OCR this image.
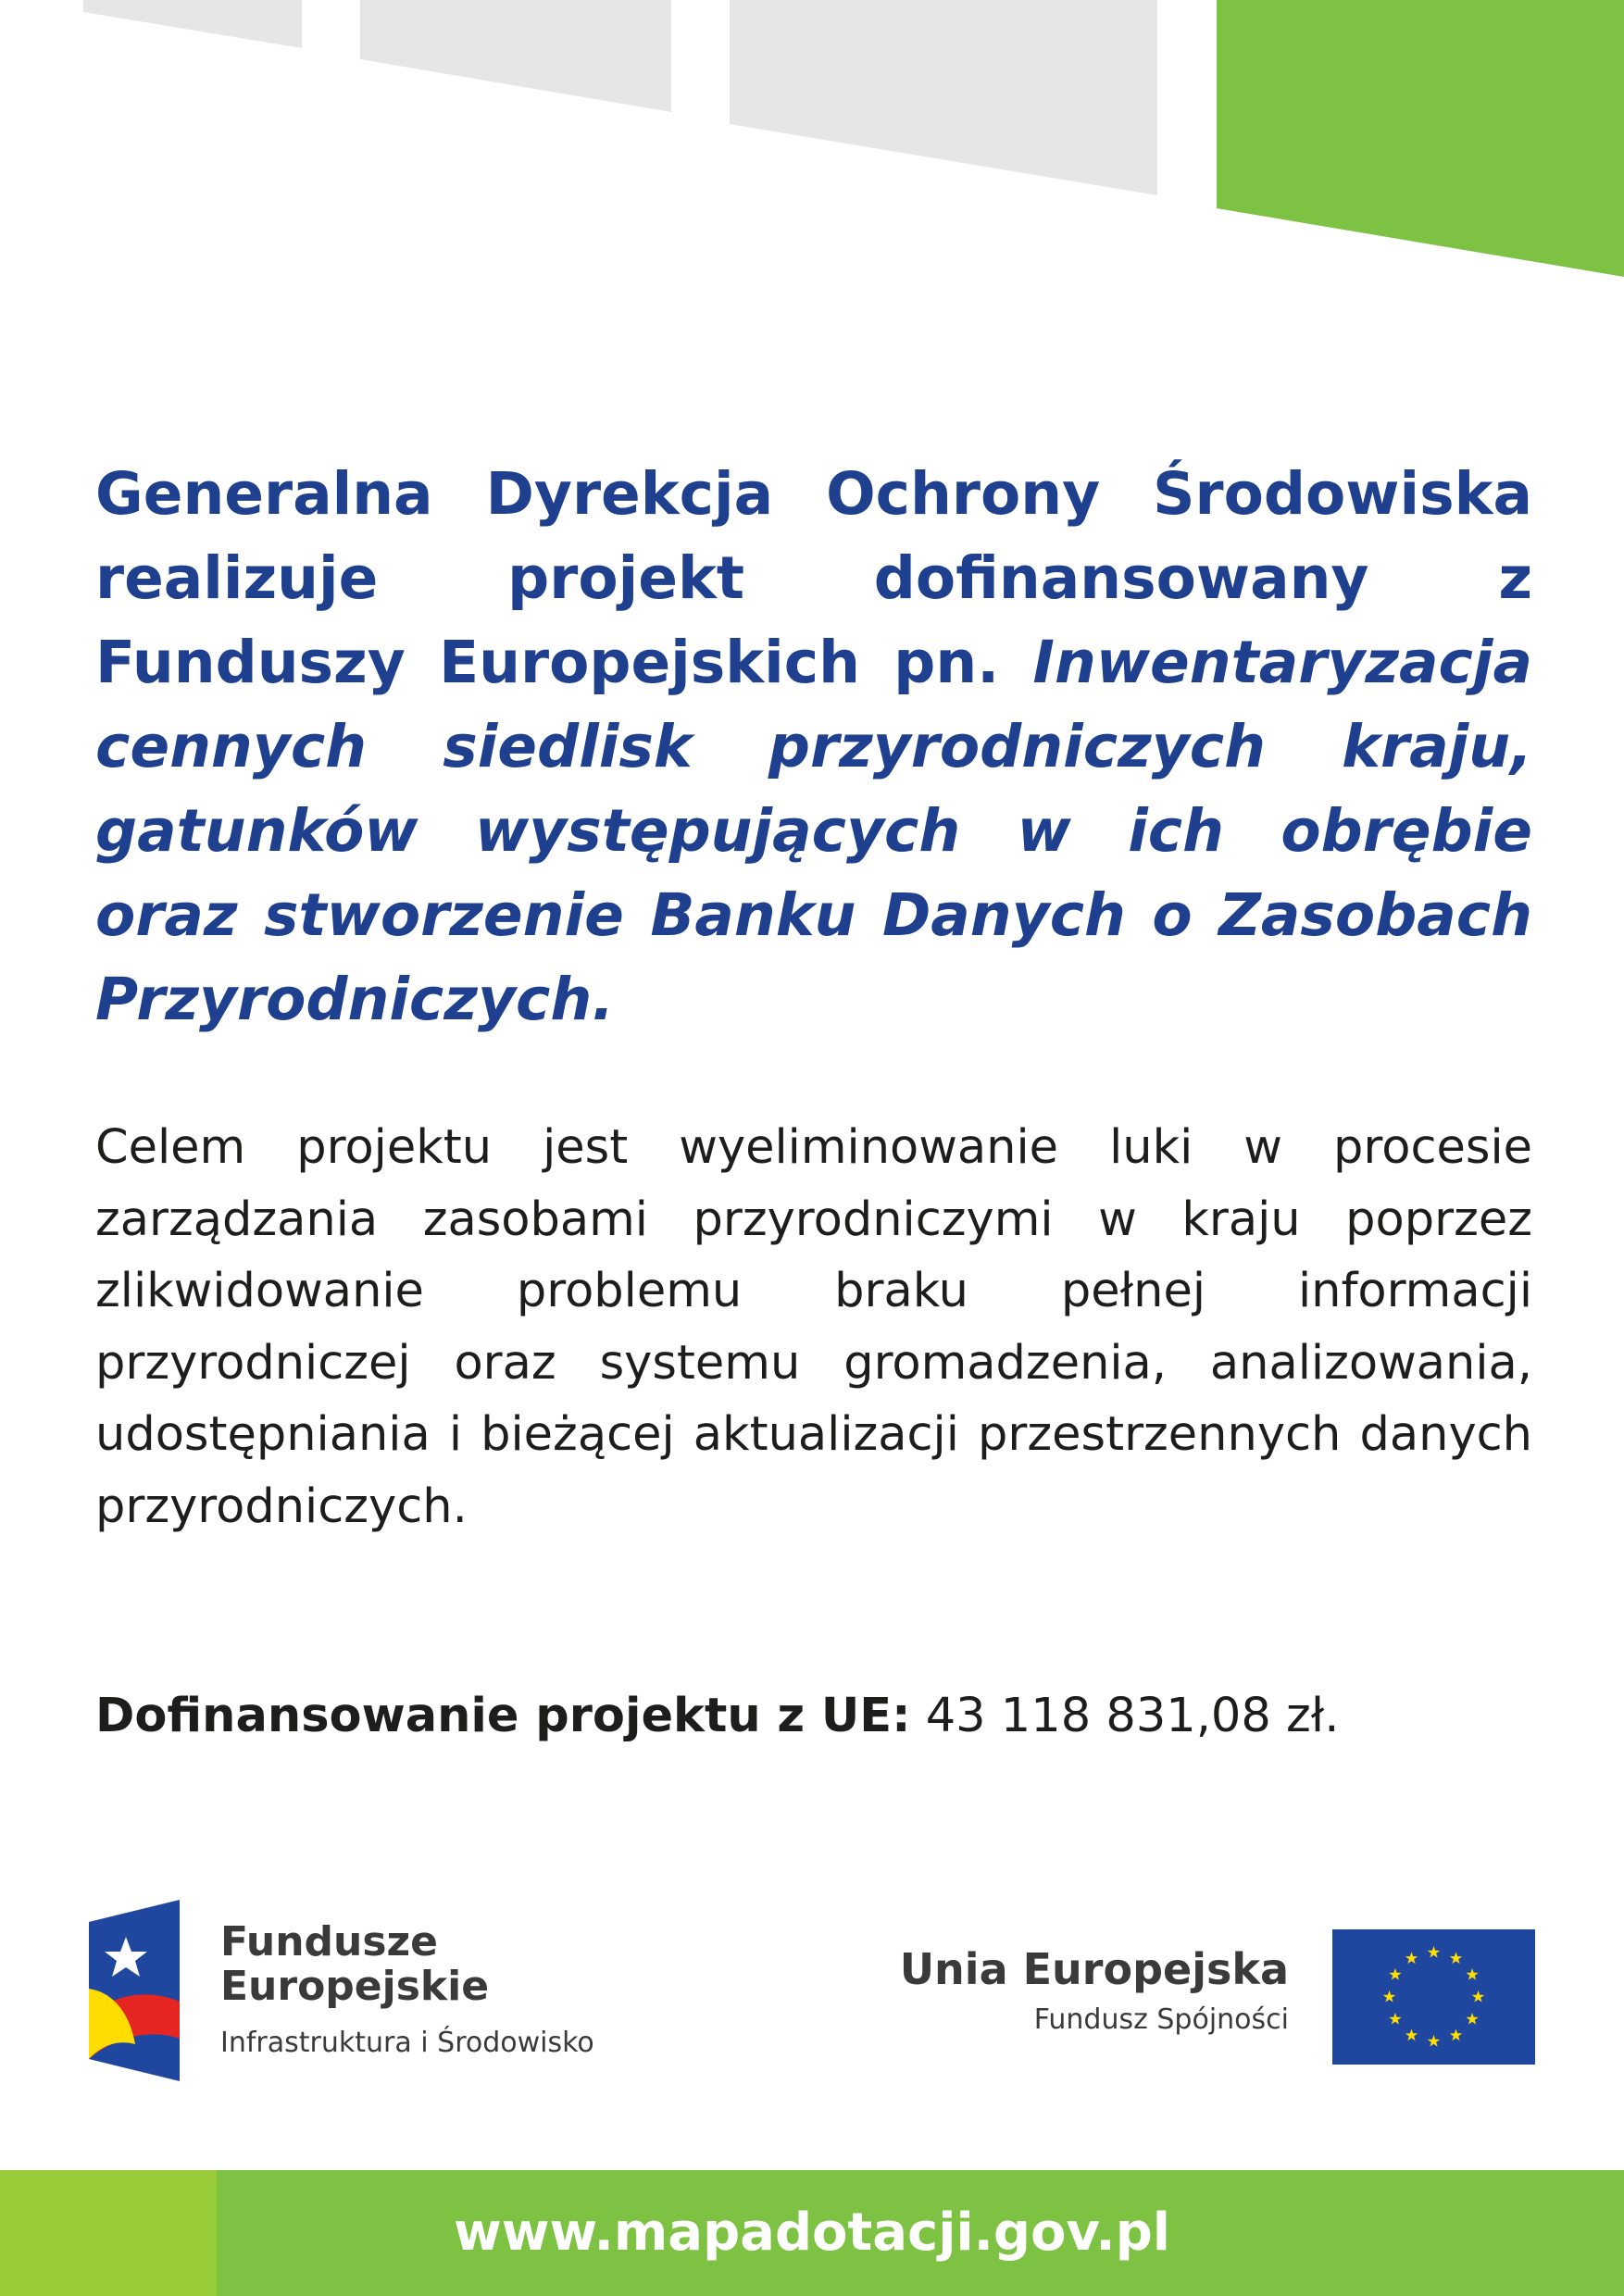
Generalna Dyrekcja Ochrony Środowiska realizuje projekt dofinansowany z Funduszy Europejskich pn. Inwentaryzacja cennych siedlisk przyrodniczych kraju, gatunków występujących w ich obrębie oraz stworzenie Banku Danych o Zasobach Przyrodniczych.

Celem projektu jest wyeliminowanie luki w procesie zarządzania zasobami przyrodniczymi w kraju poprzez zlikwidowanie problemu braku pełnej informacji przyrodniczej oraz systemu gromadzenia, analizowania, udostępniania i bieżącej aktualizacji przestrzennych danych przyrodniczych.

Dofinansowanie projektu z UE: 43 118 831,08 zł.

Fundusze
Europejskie

Infrastruktura i Środowisko

Unia Europejska

Fundusz Spójności

www.mapadotacji.gov.pl
